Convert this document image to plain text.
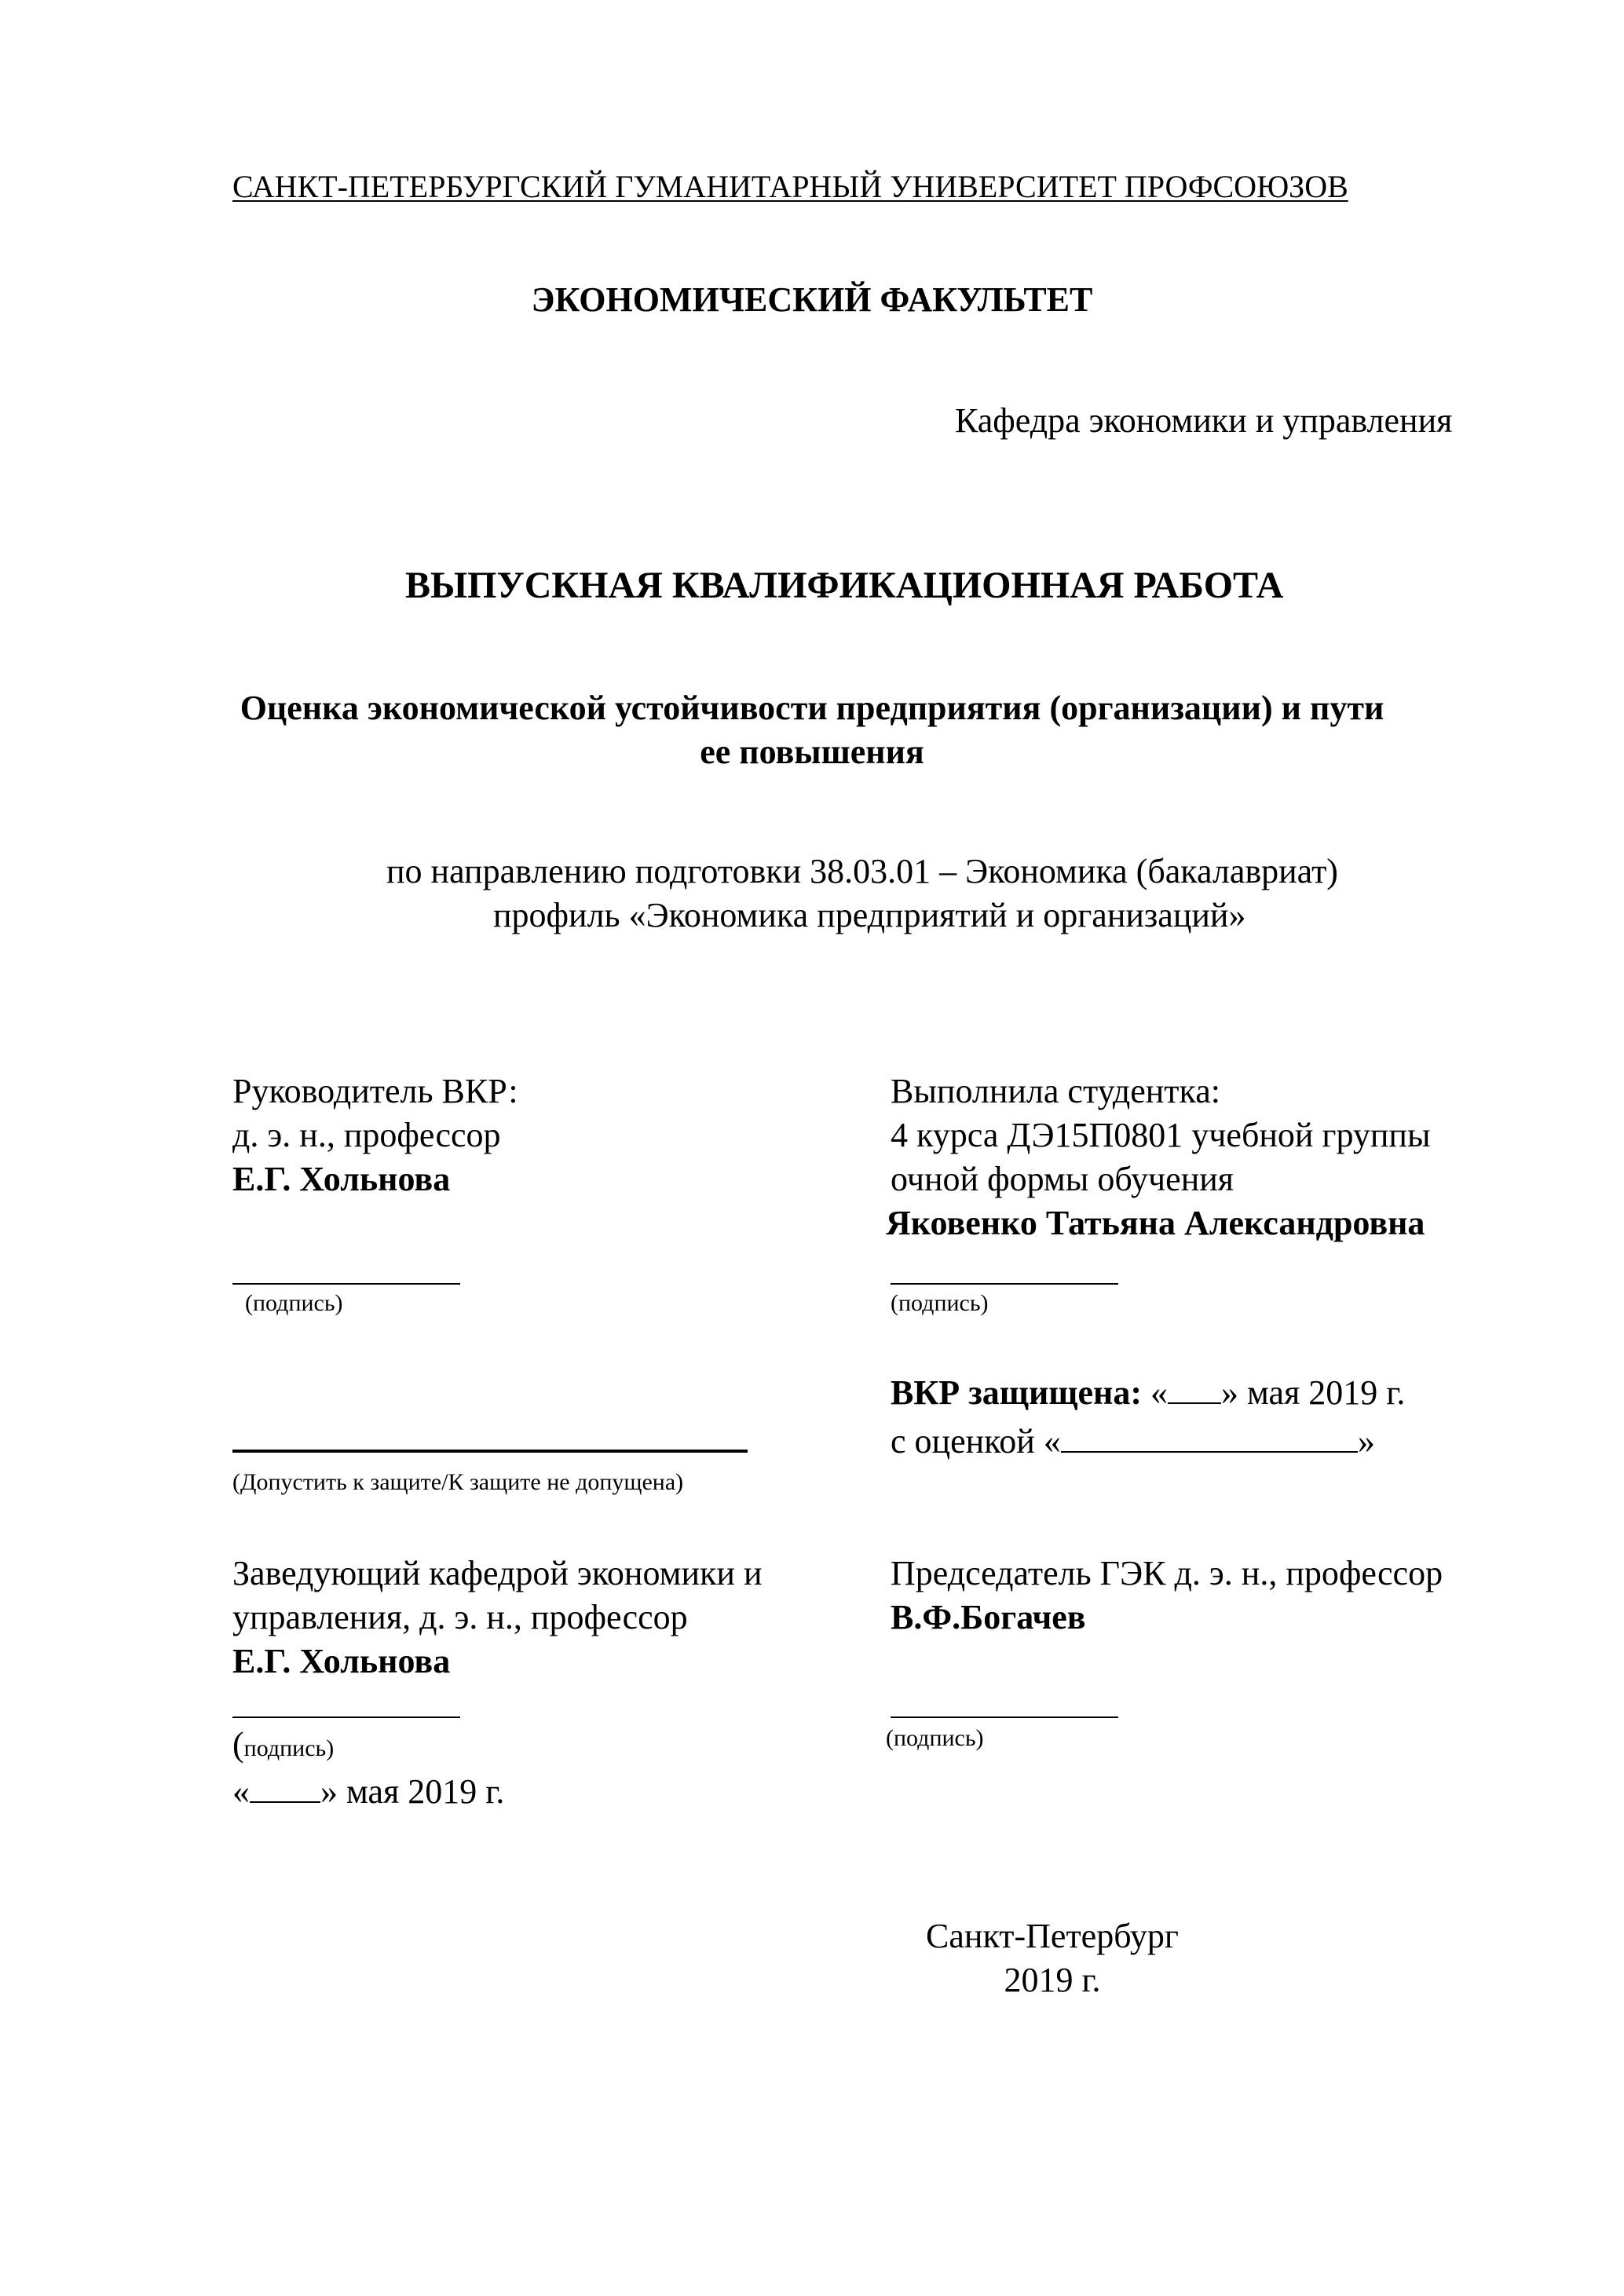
САНКТ-ПЕТЕРБУРГСКИЙ ГУМАНИТАРНЫЙ УНИВЕРСИТЕТ ПРОФСОЮЗОВ
ЭКОНОМИЧЕСКИЙ ФАКУЛЬТЕТ
Кафедра экономики и управления
ВЫПУСКНАЯ КВАЛИФИКАЦИОННАЯ РАБОТА
Оценка экономической устойчивости предприятия (организации) и пути
ее повышения
по направлению подготовки 38.03.01 – Экономика (бакалавриат)
профиль «Экономика предприятий и организаций»
Руководитель ВКР:
д. э. н., профессор
Е.Г. Хольнова
(подпись)
Выполнила студентка:
4 курса ДЭ15П0801 учебной группы
очной формы обучения
Яковенко Татьяна Александровна
(подпись)
(Допустить к защите/К защите не допущена)
ВКР защищена: « » мая 2019 г.
с оценкой «	»
Заведующий кафедрой экономики и
управления, д. э. н., профессор
Е.Г. Хольнова
(подпись)
« » мая 2019 г.
Председатель ГЭК д. э. н., профессор
В.Ф.Богачев
(подпись)
Санкт-Петербург
2019 г.
